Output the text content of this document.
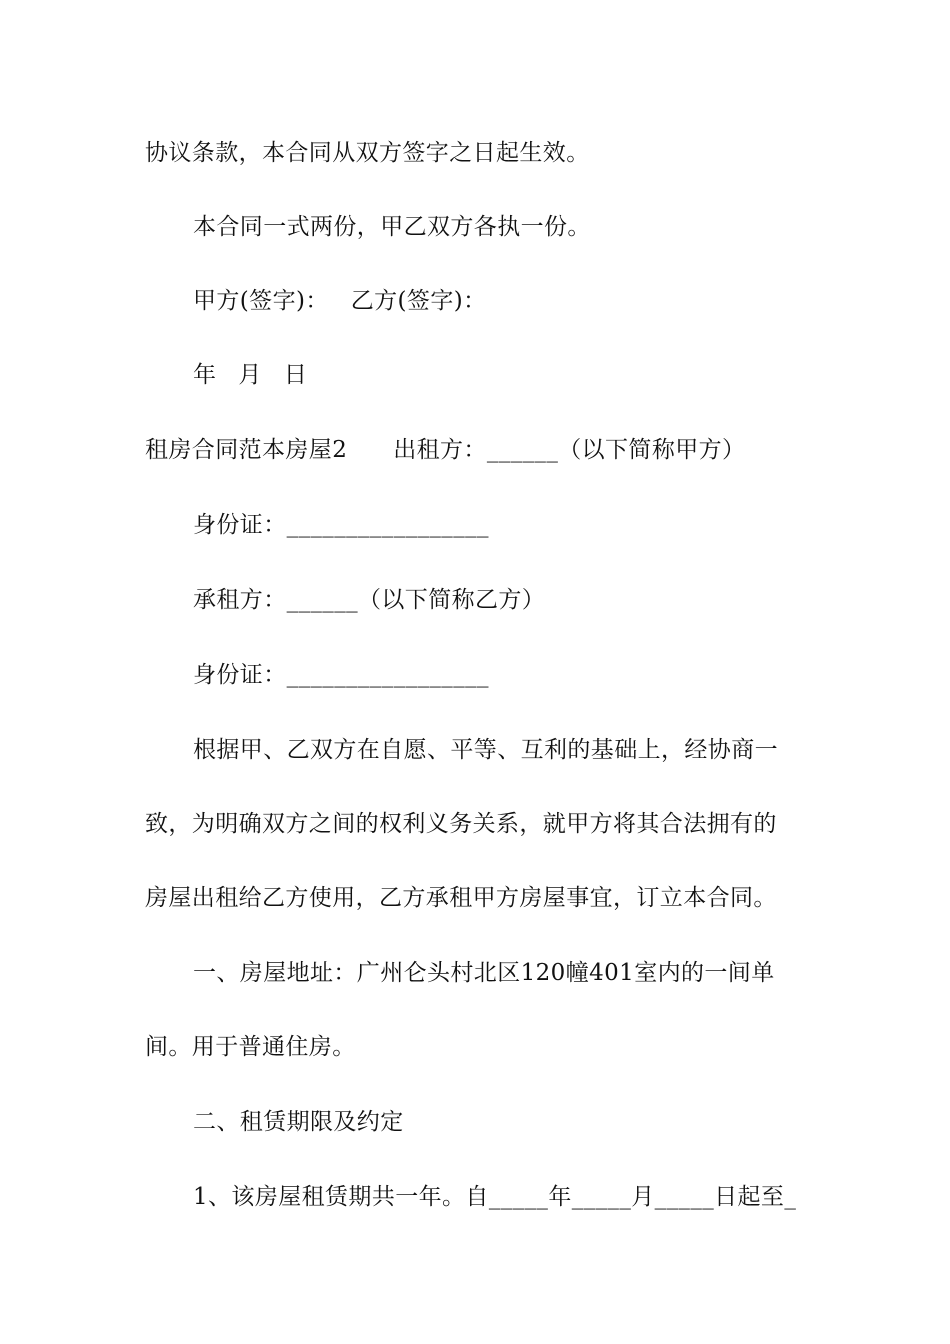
协议条款，本合同从双方签字之日起生效。
本合同一式两份，甲乙双方各执一份。
甲方(签字)： 乙方(签字)：
年 月 日
租房合同范本房屋2 出租方：______（以下简称甲方）
身份证：_________________
承租方：______（以下简称乙方）
身份证：_________________
根据甲、乙双方在自愿、平等、互利的基础上，经协商一
致，为明确双方之间的权利义务关系，就甲方将其合法拥有的
房屋出租给乙方使用，乙方承租甲方房屋事宜，订立本合同。
一、房屋地址：广州仑头村北区120幢401室内的一间单
间。用于普通住房。
二、租赁期限及约定
1、该房屋租赁期共一年。自_____年_____月_____日起至_
